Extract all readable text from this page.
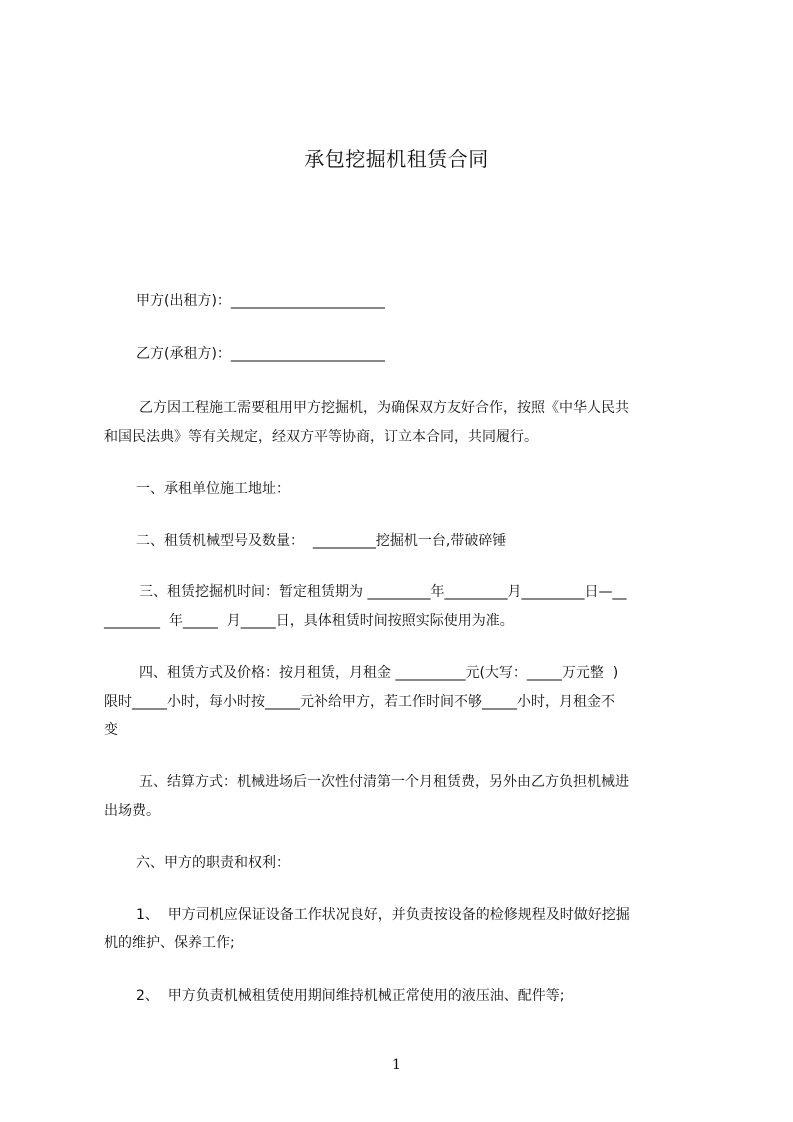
承包挖掘机租赁合同
甲方(出租方)：______________________
乙方(承租方)：______________________
乙方因工程施工需要租用甲方挖掘机，为确保双方友好合作，按照《中华人民共
和国民法典》等有关规定，经双方平等协商，订立本合同，共同履行。
一、承租单位施工地址：
二、租赁机械型号及数量：  _________挖掘机一台,带破碎锤
三、租赁挖掘机时间：暂定租赁期为 _________年_________月_________日—__
________  年_____  月_____日，具体租赁时间按照实际使用为准。
四、租赁方式及价格：按月租赁，月租金 __________元(大写：_____万元整  )
限时_____小时，每小时按_____元补给甲方，若工作时间不够_____小时，月租金不
变
五、结算方式：机械进场后一次性付清第一个月租赁费，另外由乙方负担机械进
出场费。
六、甲方的职责和权利：
1、  甲方司机应保证设备工作状况良好，并负责按设备的检修规程及时做好挖掘
机的维护、保养工作;
2、  甲方负责机械租赁使用期间维持机械正常使用的液压油、配件等;
1
